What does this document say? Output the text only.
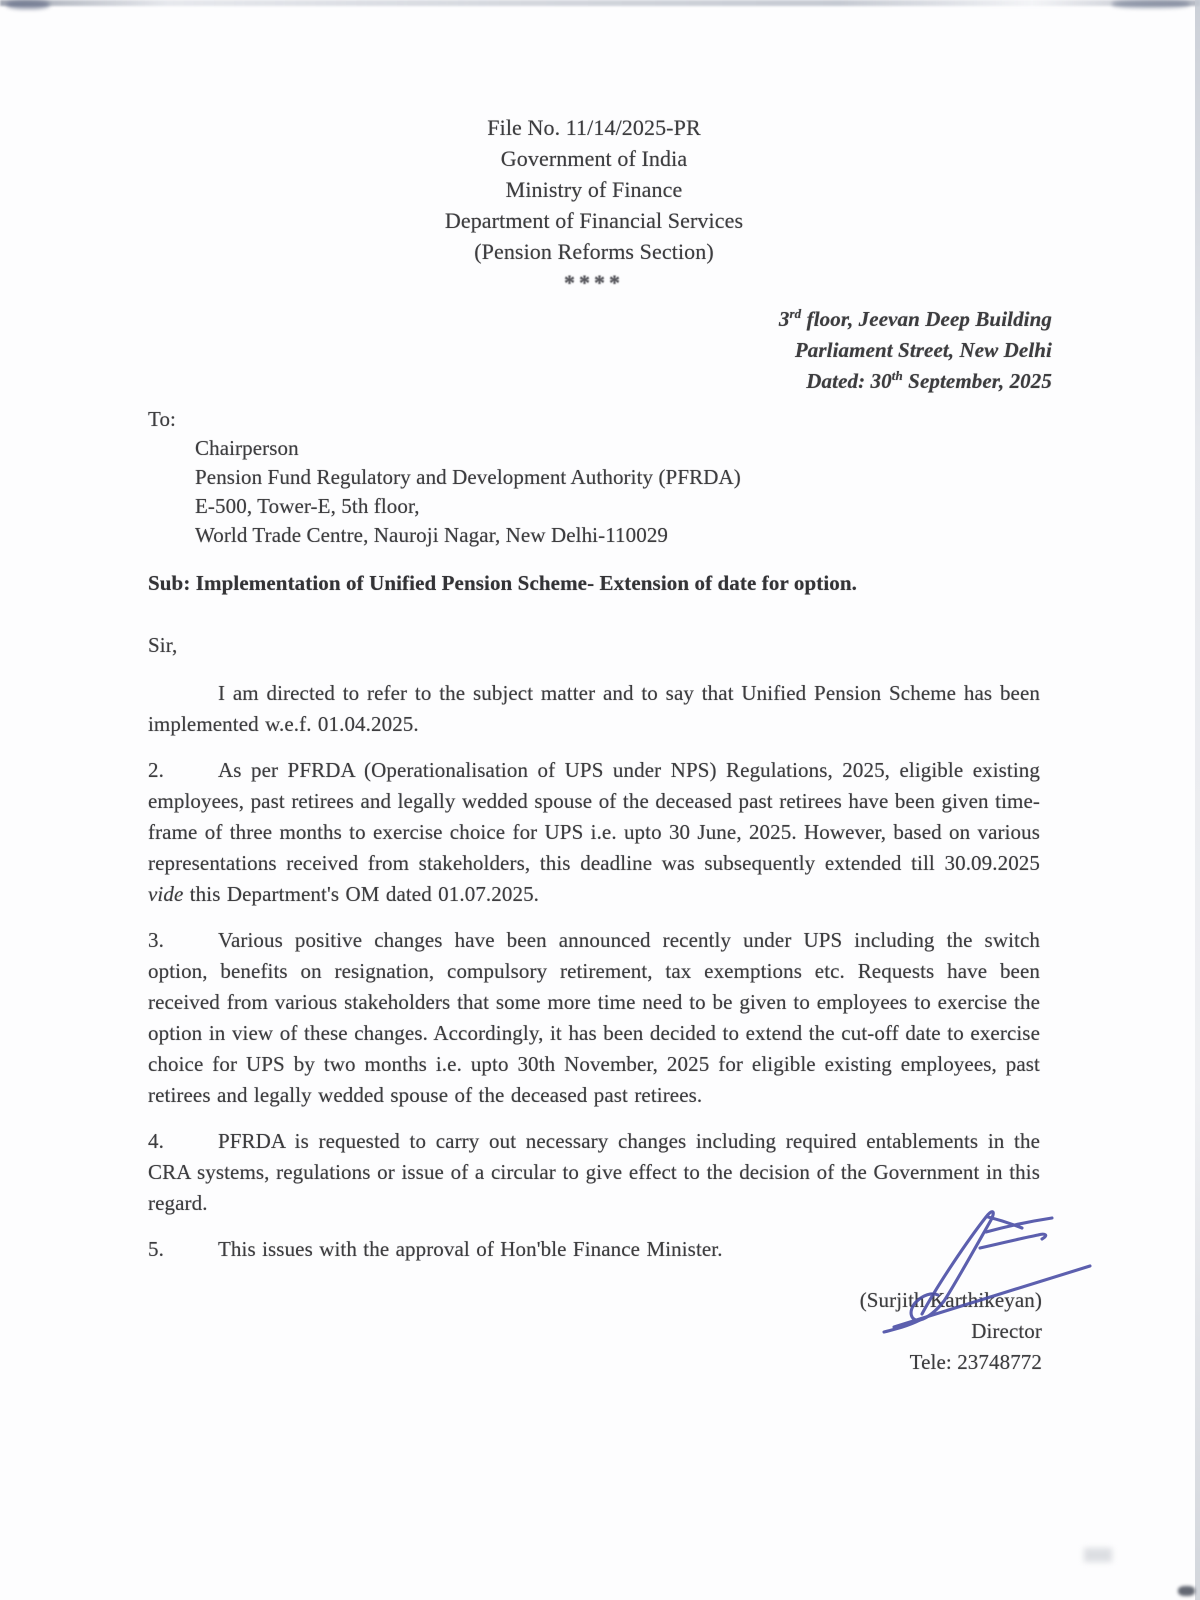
File No. 11/14/2025-PR
Government of India
Ministry of Finance
Department of Financial Services
(Pension Reforms Section)
****
3rd floor, Jeevan Deep Building
Parliament Street, New Delhi
Dated: 30th September, 2025
To:
Chairperson
Pension Fund Regulatory and Development Authority (PFRDA)
E-500, Tower-E, 5th floor,
World Trade Centre, Nauroji Nagar, New Delhi-110029
Sub: Implementation of Unified Pension Scheme- Extension of date for option.
Sir,

I am directed to refer to the subject matter and to say that Unified Pension Scheme has been implemented w.e.f. 01.04.2025.

2.	As per PFRDA (Operationalisation of UPS under NPS) Regulations, 2025, eligible existing employees, past retirees and legally wedded spouse of the deceased past retirees have been given time-frame of three months to exercise choice for UPS i.e. upto 30 June, 2025. However, based on various representations received from stakeholders, this deadline was subsequently extended till 30.09.2025 vide this Department's OM dated 01.07.2025.

3.	Various positive changes have been announced recently under UPS including the switch option, benefits on resignation, compulsory retirement, tax exemptions etc. Requests have been received from various stakeholders that some more time need to be given to employees to exercise the option in view of these changes. Accordingly, it has been decided to extend the cut-off date to exercise choice for UPS by two months i.e. upto 30th November, 2025 for eligible existing employees, past retirees and legally wedded spouse of the deceased past retirees.

4.	PFRDA is requested to carry out necessary changes including required entablements in the CRA systems, regulations or issue of a circular to give effect to the decision of the Government in this regard.

5.	This issues with the approval of Hon'ble Finance Minister.

(Surjith Karthikeyan)
Director
Tele: 23748772
